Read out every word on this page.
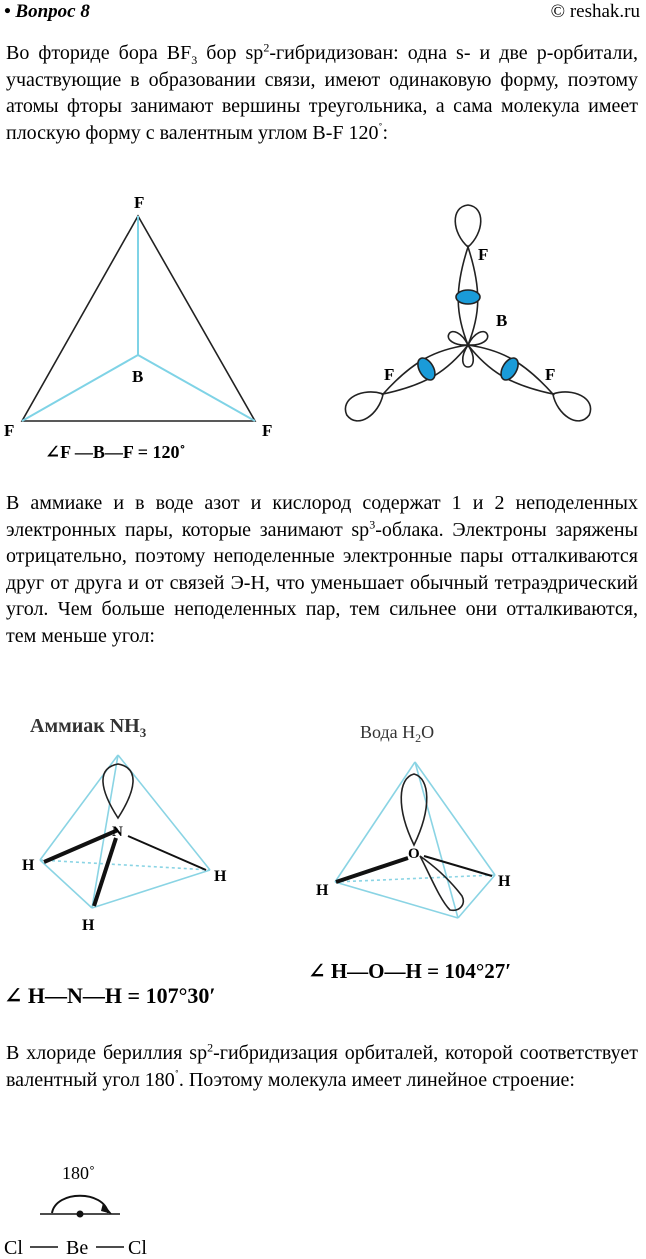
• Вопрос 8	© reshak.ru
Во фториде бора $BF_3$ бор $sp^2$-гибридизован: одна s- и две p-орбитали, участвующие в образовании связи, имеют одинаковую форму, поэтому атомы фторы занимают вершины треугольника, а сама молекула имеет плоскую форму с валентным углом B-F 120˚:
F
B
F	F
∠F —B—F = 120˚
F
B
F	F
В аммиаке и в воде азот и кислород содержат 1 и 2 неподеленных электронных пары, которые занимают $sp^3$-облака. Электроны заряжены отрицательно, поэтому неподеленные электронные пары отталкиваются друг от друга и от связей Э-Н, что уменьшает обычный тетраэдрический угол. Чем больше неподеленных пар, тем сильнее они отталкиваются, тем меньше угол:
Аммиак $NH_3$
N
H
H
H
∠ H—N—H = 107°30′
Вода $H_2O$
O
H
H
∠ H—O—H = 104°27′
В хлориде бериллия $sp^2$-гибридизация орбиталей, которой соответствует валентный угол 180˚. Поэтому молекула имеет линейное строение:
180˚
Cl Be Cl
